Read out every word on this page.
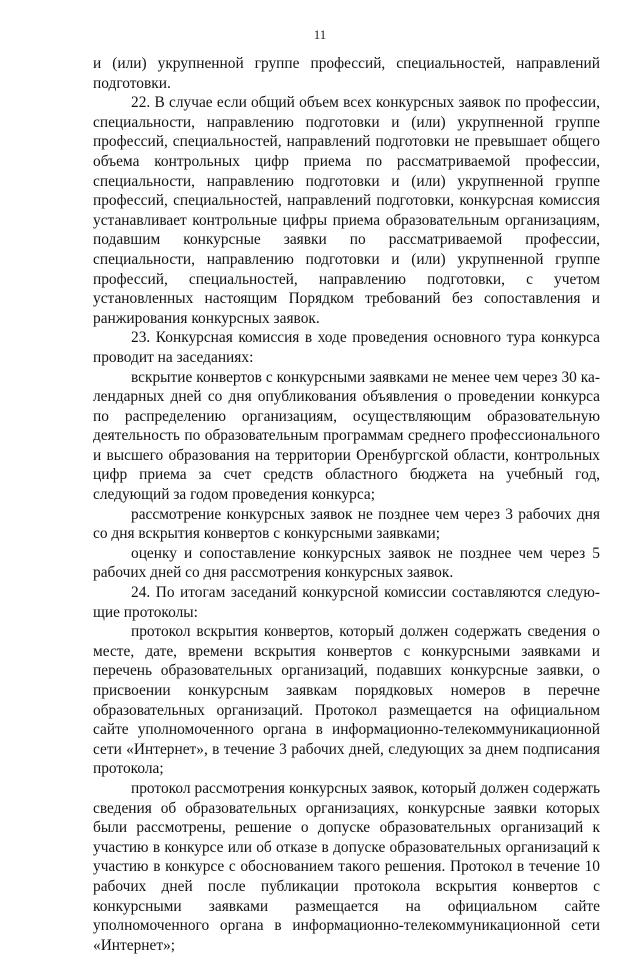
11

и (или) укрупненной группе профессий, специальностей, направлений подготовки.

22. В случае если общий объем всех конкурсных заявок по профессии, специальности, направлению подготовки и (или) укрупненной группе профессий, специальностей, направлений подготовки не превышает общего объема контрольных цифр приема по рассматриваемой профессии, специальности, направлению подготовки и (или) укрупненной группе профессий, специальностей, направлений подготовки, конкурсная комиссия устанавливает контрольные цифры приема образовательным организациям, подавшим конкурсные заявки по рассматриваемой профессии, специальности, направлению подготовки и (или) укрупненной группе профессий, специальностей, направлению подготовки, с учетом установленных настоящим Порядком требований без сопоставления и ранжирования конкурсных заявок.

23. Конкурсная комиссия в ходе проведения основного тура конкурса проводит на заседаниях:

вскрытие конвертов с конкурсными заявками не менее чем через 30 календарных дней со дня опубликования объявления о проведении конкурса по распределению организациям, осуществляющим образовательную деятельность по образовательным программам среднего профессионального и высшего образования на территории Оренбургской области, контрольных цифр приема за счет средств областного бюджета на учебный год, следующий за годом проведения конкурса;

рассмотрение конкурсных заявок не позднее чем через 3 рабочих дня со дня вскрытия конвертов с конкурсными заявками;

оценку и сопоставление конкурсных заявок не позднее чем через 5 рабочих дней со дня рассмотрения конкурсных заявок.

24. По итогам заседаний конкурсной комиссии составляются следующие протоколы:

протокол вскрытия конвертов, который должен содержать сведения о месте, дате, времени вскрытия конвертов с конкурсными заявками и перечень образовательных организаций, подавших конкурсные заявки, о присвоении конкурсным заявкам порядковых номеров в перечне образовательных организаций. Протокол размещается на официальном сайте уполномоченного органа в информационно-телекоммуникационной сети «Интернет», в течение 3 рабочих дней, следующих за днем подписания протокола;

протокол рассмотрения конкурсных заявок, который должен содержать сведения об образовательных организациях, конкурсные заявки которых были рассмотрены, решение о допуске образовательных организаций к участию в конкурсе или об отказе в допуске образовательных организаций к участию в конкурсе с обоснованием такого решения. Протокол в течение 10 рабочих дней после публикации протокола вскрытия конвертов с конкурсными заявками размещается на официальном сайте уполномоченного органа в информационно-телекоммуникационной сети «Интернет»;
